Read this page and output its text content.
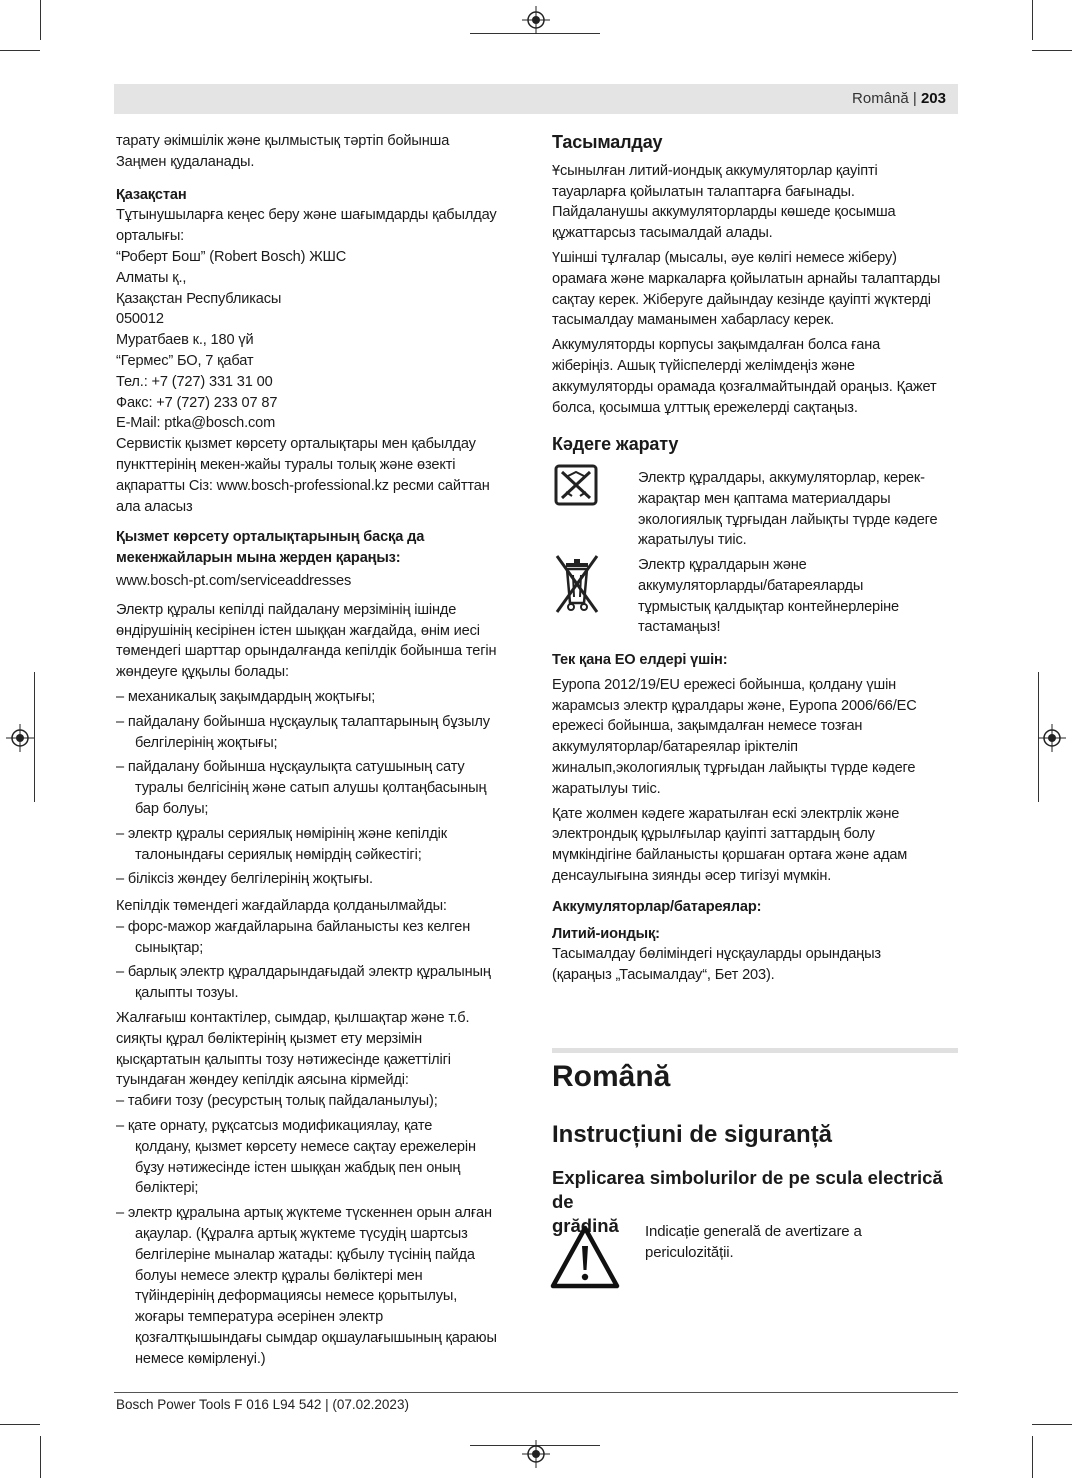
Română | 203

тарату әкімшілік және қылмыстық тәртіп бойынша
Заңмен қудаланады.

Қазақстан

Тұтынушыларға кеңес беру және шағымдарды қабылдау
орталығы:
“Роберт Бош” (Robert Bosch) ЖШС
Алматы қ.,
Қазақстан Республикасы
050012
Муратбаев к., 180 үй
“Гермес” БО, 7 қабат
Тел.: +7 (727) 331 31 00
Факс: +7 (727) 233 07 87
E-Mail: ptka@bosch.com
Сервистік қызмет көрсету орталықтары мен қабылдау
пункттерінің мекен-жайы туралы толық және өзекті
ақпаратты Сіз: www.bosch-professional.kz ресми сайттан
ала аласыз

Қызмет көрсету орталықтарының басқа да
мекенжайларын мына жерден қараңыз:

www.bosch-pt.com/serviceaddresses

Электр құралы кепілді пайдалану мерзімінің ішінде
өндірушінің кесірінен істен шыққан жағдайда, өнім иесі
төмендегі шарттар орындалғанда кепілдік бойынша тегін
жөндеуге құқылы болады:

– механикалық зақымдардың жоқтығы;
– пайдалану бойынша нұсқаулық талаптарының бұзылу
белгілерінің жоқтығы;
– пайдалану бойынша нұсқаулықта сатушының сату
туралы белгісінің және сатып алушы қолтаңбасының
бар болуы;
– электр құралы сериялық нөмірінің және кепілдік
талонындағы сериялық нөмірдің сәйкестігі;
– біліксіз жөндеу белгілерінің жоқтығы.

Кепілдік төмендегі жағдайларда қолданылмайды:

– форс-мажор жағдайларына байланысты кез келген
сынықтар;
– барлық электр құралдарындағыдай электр құралының
қалыпты тозуы.

Жалғағыш контактілер, сымдар, қылшақтар және т.б.
сияқты құрал бөліктерінің қызмет ету мерзімін
қысқартатын қалыпты тозу нәтижесінде қажеттілігі
туындаған жөндеу кепілдік аясына кірмейді:

– табиғи тозу (ресурстың толық пайдаланылуы);
– қате орнату, рұқсатсыз модификациялау, қате
қолдану, қызмет көрсету немесе сақтау ережелерін
бұзу нәтижесінде істен шыққан жабдық пен оның
бөліктері;
– электр құралына артық жүктеме түскеннен орын алған
ақаулар. (Құралға артық жүктеме түсудің шартсыз
белгілеріне мыналар жатады: құбылу түсінің пайда
болуы немесе электр құралы бөліктері мен
түйіндерінің деформациясы немесе қорытылуы,
жоғары температура әсерінен электр
қозғалтқышындағы сымдар оқшаулағышының қараюы
немесе көмірленуі.)
Тасымалдау

Ұсынылған литий-иондық аккумуляторлар қауіпті
тауарларға қойылатын талаптарға бағынады.
Пайдаланушы аккумуляторларды көшеде қосымша
құжаттарсыз тасымалдай алады.

Үшінші тұлғалар (мысалы, әуе көлігі немесе жіберу)
орамаға және маркаларға қойылатын арнайы талаптарды
сақтау керек. Жіберуге дайындау кезінде қауіпті жүктерді
тасымалдау маманымен хабарласу керек.

Аккумуляторды корпусы зақымдалған болса ғана
жіберіңіз. Ашық түйіспелерді желімдеңіз және
аккумуляторды орамада қозғалмайтындай ораңыз. Қажет
болса, қосымша ұлттық ережелерді сақтаңыз.

Кәдеге жарату
Электр құралдары, аккумуляторлар, керек-
жарақтар мен қаптама материалдары
экологиялық тұрғыдан лайықты түрде кәдеге
жаратылуы тиіс.
Электр құралдарын және
аккумуляторларды/батареяларды
тұрмыстық қалдықтар контейнерлеріне
тастамаңыз!
Тек қана ЕО елдері үшін:

Еуропа 2012/19/EU ережесі бойынша, қолдану үшін
жарамсыз электр құралдары және, Еуропа 2006/66/EC
ережесі бойынша, зақымдалған немесе тозған
аккумуляторлар/батареялар іріктеліп
жиналып,экологиялық тұрғыдан лайықты түрде кәдеге
жаратылуы тиіс.

Қате жолмен кәдеге жаратылған ескі электрлік және
электрондық құрылғылар қауіпті заттардың болу
мүмкіндігіне байланысты қоршаған ортаға және адам
денсаулығына зиянды әсер тигізуі мүмкін.

Аккумуляторлар/батареялар:
Литий-иондық:

Тасымалдау бөліміндегі нұсқауларды орындаңыз
(қараңыз „Тасымалдау“, Бет 203).

Română
Instrucțiuni de siguranță
Explicarea simbolurilor de pe scula electrică de
grădină	Indicație generală de avertizare a
periculozității.
Bosch Power Tools F 016 L94 542 | (07.02.2023)
